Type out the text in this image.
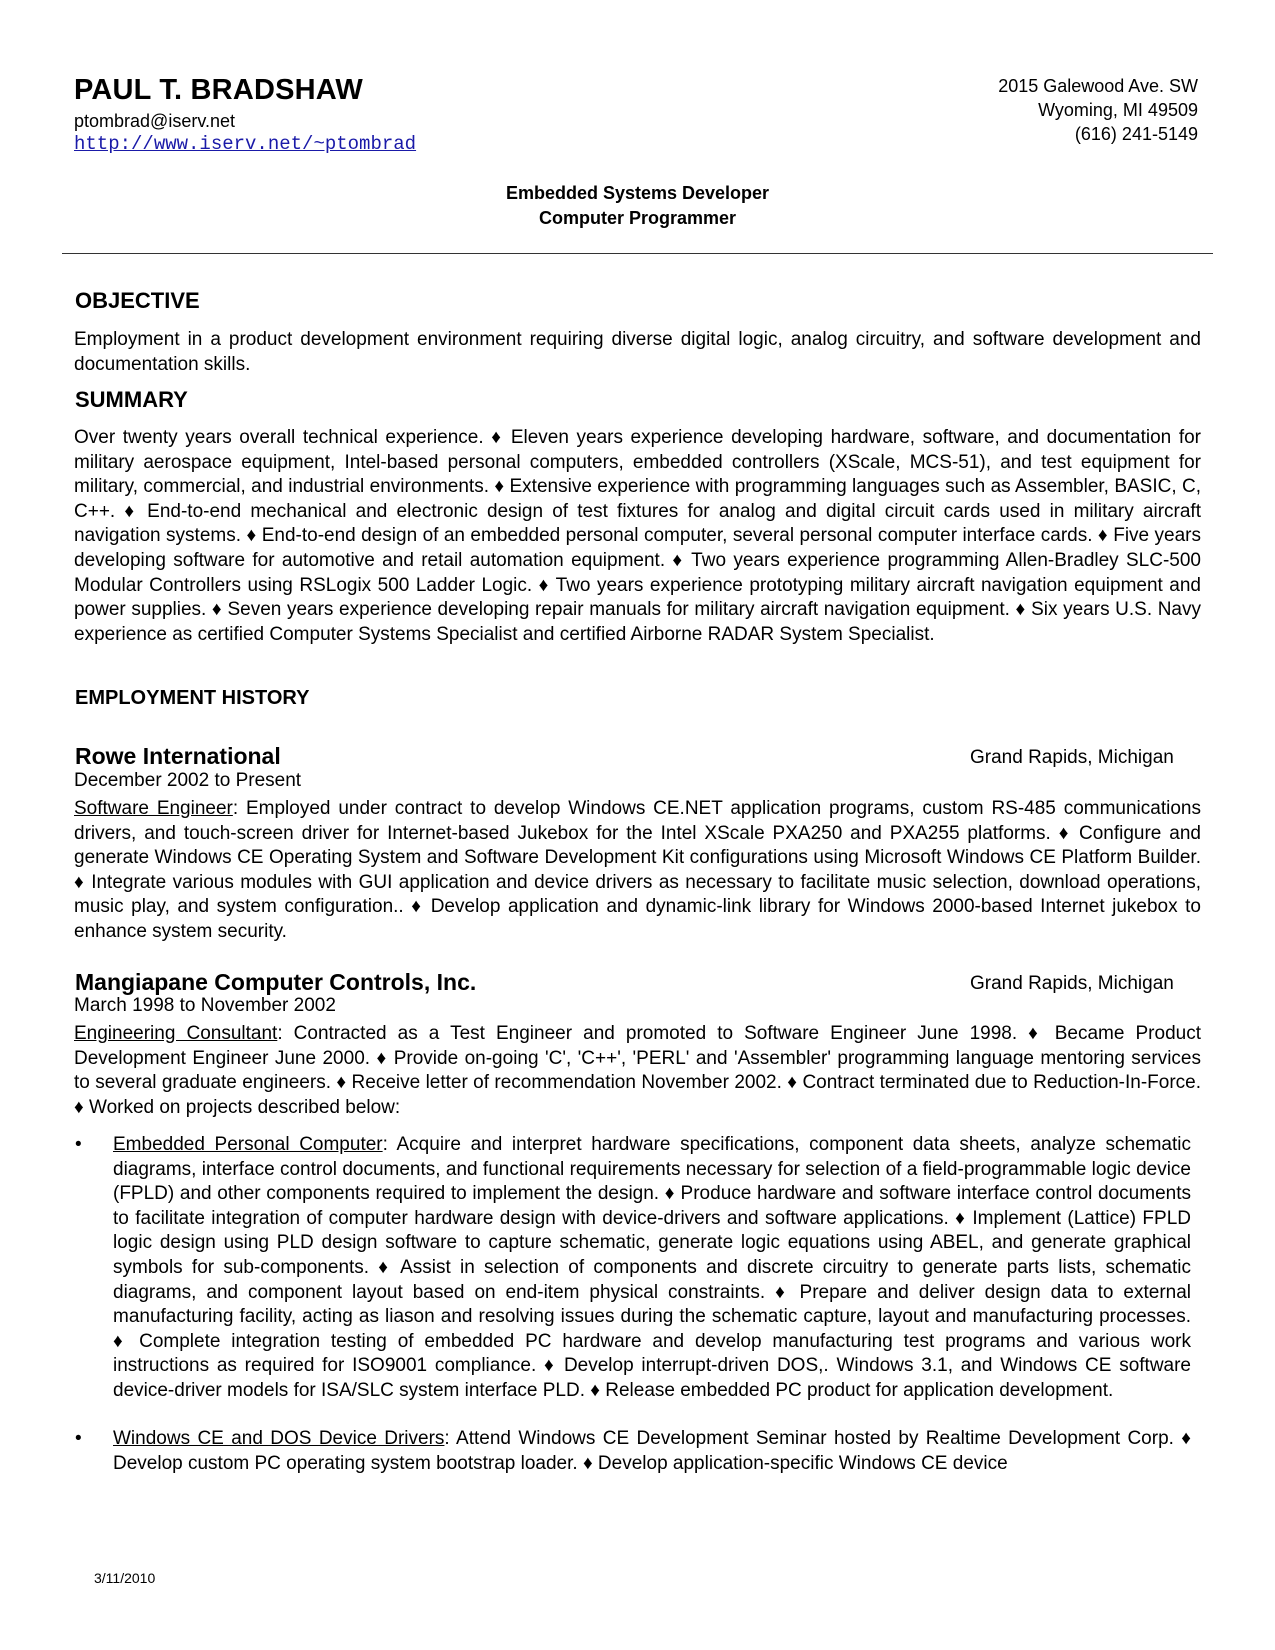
PAUL T. BRADSHAW
ptombrad@iserv.net
http://www.iserv.net/~ptombrad
2015 Galewood Ave. SW
Wyoming, MI 49509
(616) 241-5149
Embedded Systems Developer
Computer Programmer
OBJECTIVE
Employment in a product development environment requiring diverse digital logic, analog circuitry, and software development and documentation skills.
SUMMARY
Over twenty years overall technical experience. ♦ Eleven years experience developing hardware, software, and documentation for military aerospace equipment, Intel-based personal computers, embedded controllers (XScale, MCS-51), and test equipment for military, commercial, and industrial environments. ♦ Extensive experience with programming languages such as Assembler, BASIC, C, C++. ♦ End-to-end mechanical and electronic design of test fixtures for analog and digital circuit cards used in military aircraft navigation systems. ♦ End-to-end design of an embedded personal computer, several personal computer interface cards. ♦ Five years developing software for automotive and retail automation equipment. ♦ Two years experience programming Allen-Bradley SLC-500 Modular Controllers using RSLogix 500 Ladder Logic. ♦ Two years experience prototyping military aircraft navigation equipment and power supplies. ♦ Seven years experience developing repair manuals for military aircraft navigation equipment. ♦ Six years U.S. Navy experience as certified Computer Systems Specialist and certified Airborne RADAR System Specialist.
EMPLOYMENT HISTORY
Rowe International	Grand Rapids, Michigan
December 2002 to Present
Software Engineer: Employed under contract to develop Windows CE.NET application programs, custom RS-485 communications drivers, and touch-screen driver for Internet-based Jukebox for the Intel XScale PXA250 and PXA255 platforms. ♦ Configure and generate Windows CE Operating System and Software Development Kit configurations using Microsoft Windows CE Platform Builder. ♦ Integrate various modules with GUI application and device drivers as necessary to facilitate music selection, download operations, music play, and system configuration.. ♦ Develop application and dynamic-link library for Windows 2000-based Internet jukebox to enhance system security.
Mangiapane Computer Controls, Inc.	Grand Rapids, Michigan
March 1998 to November 2002
Engineering Consultant: Contracted as a Test Engineer and promoted to Software Engineer June 1998. ♦ Became Product Development Engineer June 2000. ♦ Provide on-going 'C', 'C++', 'PERL' and 'Assembler' programming language mentoring services to several graduate engineers. ♦ Receive letter of recommendation November 2002. ♦ Contract terminated due to Reduction-In-Force. ♦ Worked on projects described below:
• Embedded Personal Computer: Acquire and interpret hardware specifications, component data sheets, analyze schematic diagrams, interface control documents, and functional requirements necessary for selection of a field-programmable logic device (FPLD) and other components required to implement the design. ♦ Produce hardware and software interface control documents to facilitate integration of computer hardware design with device-drivers and software applications. ♦ Implement (Lattice) FPLD logic design using PLD design software to capture schematic, generate logic equations using ABEL, and generate graphical symbols for sub-components. ♦ Assist in selection of components and discrete circuitry to generate parts lists, schematic diagrams, and component layout based on end-item physical constraints. ♦ Prepare and deliver design data to external manufacturing facility, acting as liason and resolving issues during the schematic capture, layout and manufacturing processes. ♦ Complete integration testing of embedded PC hardware and develop manufacturing test programs and various work instructions as required for ISO9001 compliance. ♦ Develop interrupt-driven DOS,. Windows 3.1, and Windows CE software device-driver models for ISA/SLC system interface PLD. ♦ Release embedded PC product for application development.
• Windows CE and DOS Device Drivers: Attend Windows CE Development Seminar hosted by Realtime Development Corp. ♦ Develop custom PC operating system bootstrap loader. ♦ Develop application-specific Windows CE device
3/11/2010
